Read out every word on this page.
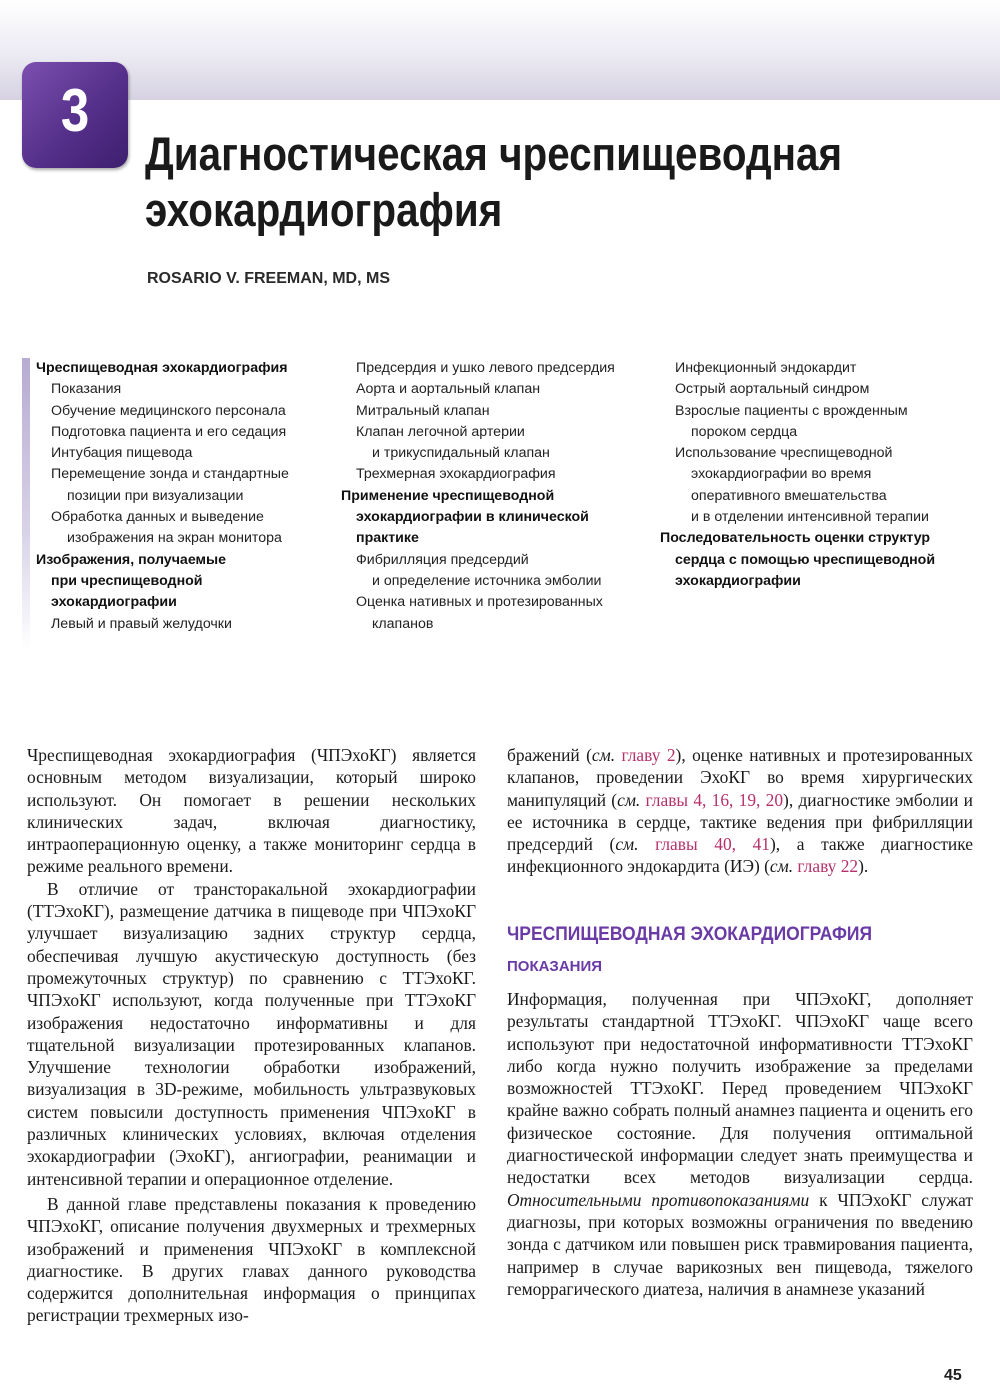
3
Диагностическая чреспищеводная
эхокардиография
ROSARIO V. FREEMAN, MD, MS
Чреспищеводная эхокардиография
Показания
Обучение медицинского персонала
Подготовка пациента и его седация
Интубация пищевода
Перемещение зонда и стандартные
позиции при визуализации
Обработка данных и выведение
изображения на экран монитора
Изображения, получаемые
при чреспищеводной
эхокардиографии
Левый и правый желудочки
Предсердия и ушко левого предсердия
Аорта и аортальный клапан
Митральный клапан
Клапан легочной артерии
и трикуспидальный клапан
Трехмерная эхокардиография
Применение чреспищеводной
эхокардиографии в клинической
практике
Фибрилляция предсердий
и определение источника эмболии
Оценка нативных и протезированных
клапанов
Инфекционный эндокардит
Острый аортальный синдром
Взрослые пациенты с врожденным
пороком сердца
Использование чреспищеводной
эхокардиографии во время
оперативного вмешательства
и в отделении интенсивной терапии
Последовательность оценки структур
сердца с помощью чреспищеводной
эхокардиографии

Чреспищеводная эхокардиография (ЧПЭхоКГ) является основным методом визуализации, который широко используют. Он помогает в решении нескольких клинических задач, включая диагностику, интраоперационную оценку, а также мониторинг сердца в режиме реального времени.

В отличие от трансторакальной эхокардиографии (ТТЭхоКГ), размещение датчика в пищеводе при ЧПЭхоКГ улучшает визуализацию задних структур сердца, обеспечивая лучшую акустическую доступность (без промежуточных структур) по сравнению с ТТЭхоКГ. ЧПЭхоКГ используют, когда полученные при ТТЭхоКГ изображения недостаточно информативны и для тщательной визуализации протезированных клапанов. Улучшение технологии обработки изображений, визуализация в 3D-режиме, мобильность ультразвуковых систем повысили доступность применения ЧПЭхоКГ в различных клинических условиях, включая отделения эхокардиографии (ЭхоКГ), ангиографии, реанимации и интенсивной терапии и операционное отделение.

В данной главе представлены показания к проведению ЧПЭхоКГ, описание получения двухмерных и трехмерных изображений и применения ЧПЭхоКГ в комплексной диагностике. В других главах данного руководства содержится дополнительная информация о принципах регистрации трехмерных изо-

бражений (см. главу 2), оценке нативных и протезированных клапанов, проведении ЭхоКГ во время хирургических манипуляций (см. главы 4, 16, 19, 20), диагностике эмболии и ее источника в сердце, тактике ведения при фибрилляции предсердий (см. главы 40, 41), а также диагностике инфекционного эндокардита (ИЭ) (см. главу 22).

ЧРЕСПИЩЕВОДНАЯ ЭХОКАРДИОГРАФИЯ
ПОКАЗАНИЯ

Информация, полученная при ЧПЭхоКГ, дополняет результаты стандартной ТТЭхоКГ. ЧПЭхоКГ чаще всего используют при недостаточной информативности ТТЭхоКГ либо когда нужно получить изображение за пределами возможностей ТТЭхоКГ. Перед проведением ЧПЭхоКГ крайне важно собрать полный анамнез пациента и оценить его физическое состояние. Для получения оптимальной диагностической информации следует знать преимущества и недостатки всех методов визуализации сердца. Относительными противопоказаниями к ЧПЭхоКГ служат диагнозы, при которых возможны ограничения по введению зонда с датчиком или повышен риск травмирования пациента, например в случае варикозных вен пищевода, тяжелого геморрагического диатеза, наличия в анамнезе указаний

45
